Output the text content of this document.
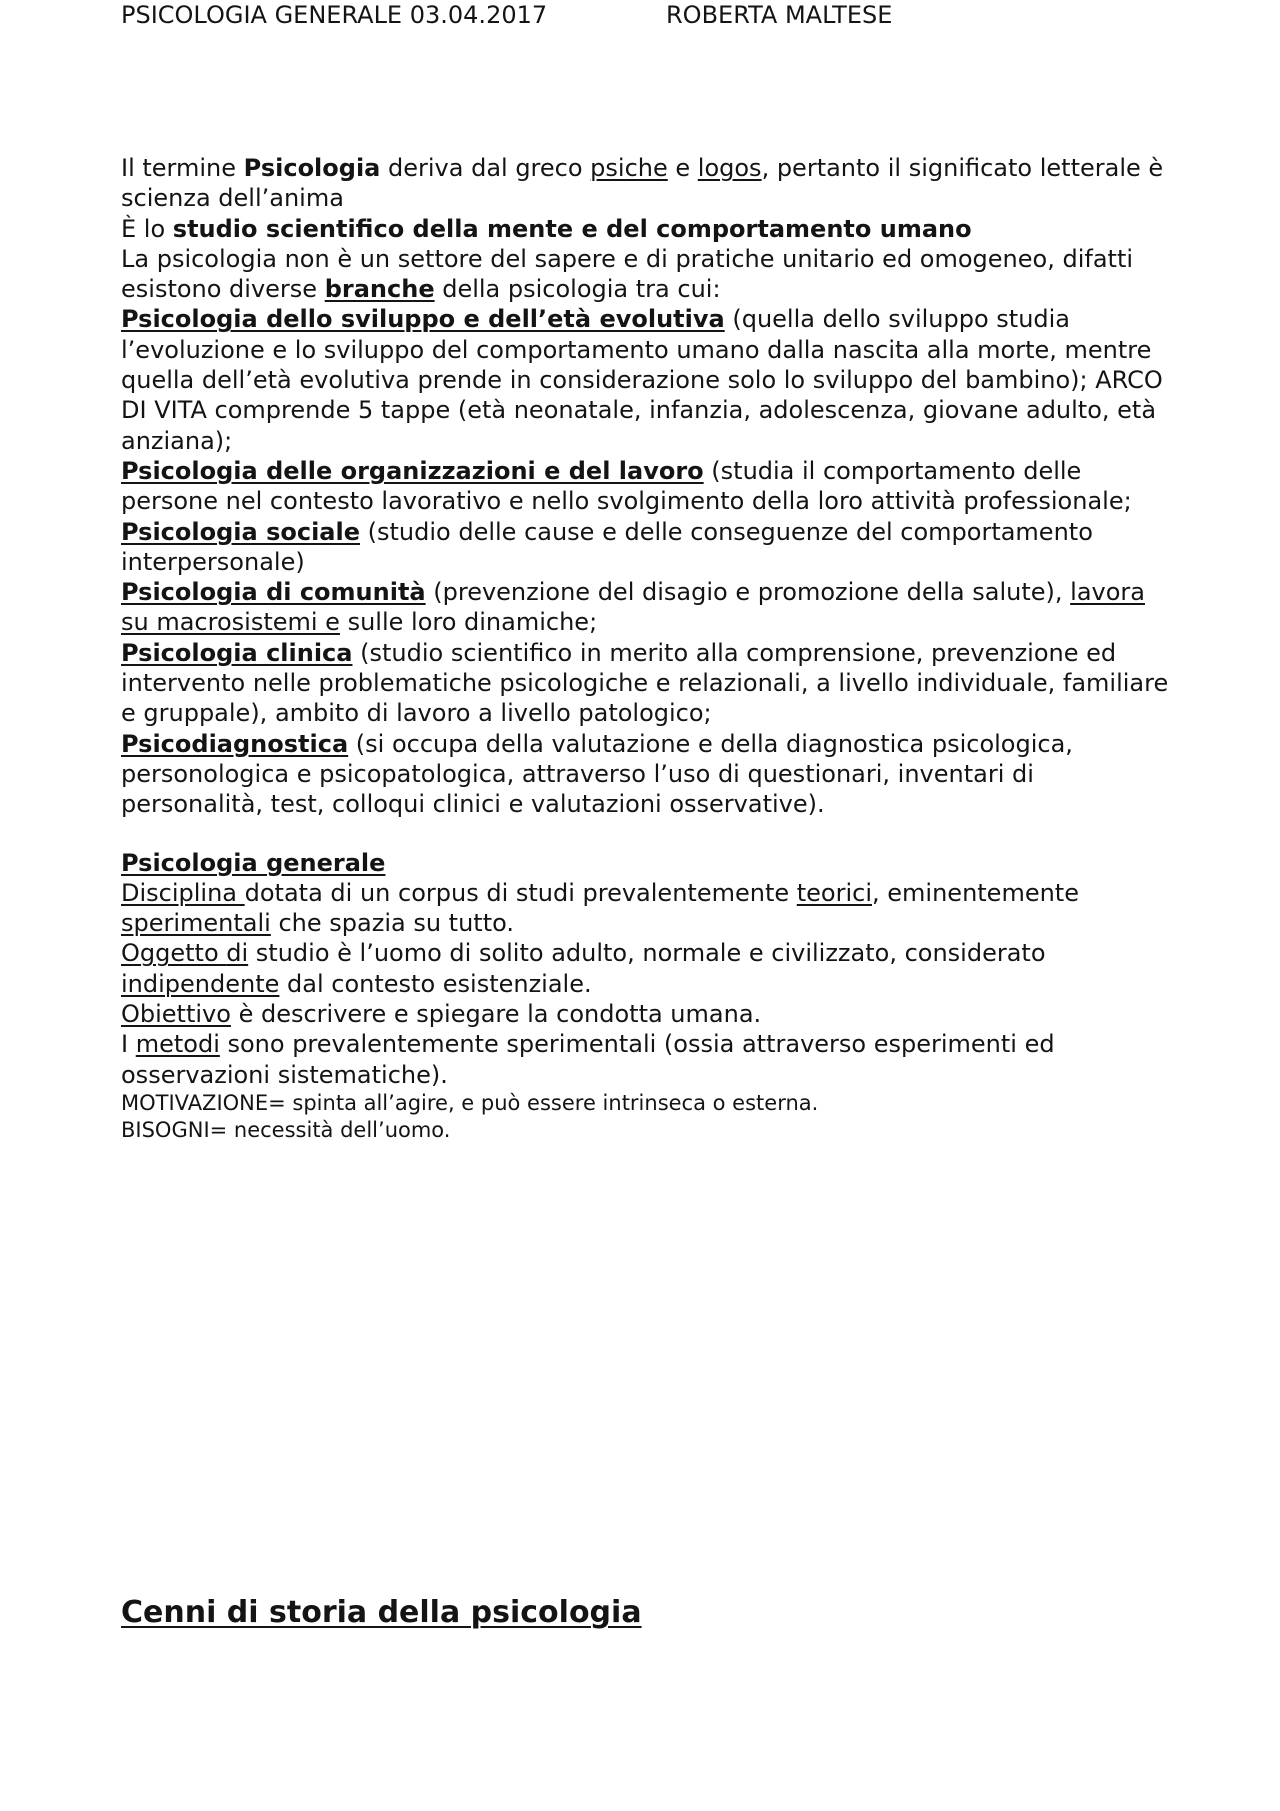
PSICOLOGIA GENERALE 03.04.2017	ROBERTA MALTESE

Il termine Psicologia deriva dal greco psiche e logos, pertanto il significato letterale è scienza dell’anima

È lo studio scientifico della mente e del comportamento umano

La psicologia non è un settore del sapere e di pratiche unitario ed omogeneo, difatti esistono diverse branche della psicologia tra cui:

Psicologia dello sviluppo e dell’età evolutiva (quella dello sviluppo studia l’evoluzione e lo sviluppo del comportamento umano dalla nascita alla morte, mentre quella dell’età evolutiva prende in considerazione solo lo sviluppo del bambino); ARCO DI VITA comprende 5 tappe (età neonatale, infanzia, adolescenza, giovane adulto, età anziana);

Psicologia delle organizzazioni e del lavoro (studia il comportamento delle persone nel contesto lavorativo e nello svolgimento della loro attività professionale;

Psicologia sociale (studio delle cause e delle conseguenze del comportamento interpersonale)

Psicologia di comunità (prevenzione del disagio e promozione della salute), lavora su macrosistemi e sulle loro dinamiche;

Psicologia clinica (studio scientifico in merito alla comprensione, prevenzione ed intervento nelle problematiche psicologiche e relazionali, a livello individuale, familiare e gruppale), ambito di lavoro a livello patologico;

Psicodiagnostica (si occupa della valutazione e della diagnostica psicologica, personologica e psicopatologica, attraverso l’uso di questionari, inventari di personalità, test, colloqui clinici e valutazioni osservative).

Psicologia generale

Disciplina dotata di un corpus di studi prevalentemente teorici, eminentemente sperimentali che spazia su tutto.

Oggetto di studio è l’uomo di solito adulto, normale e civilizzato, considerato indipendente dal contesto esistenziale.

Obiettivo è descrivere e spiegare la condotta umana.

I metodi sono prevalentemente sperimentali (ossia attraverso esperimenti ed osservazioni sistematiche).

MOTIVAZIONE= spinta all’agire, e può essere intrinseca o esterna.

BISOGNI= necessità dell’uomo.

Cenni di storia della psicologia
